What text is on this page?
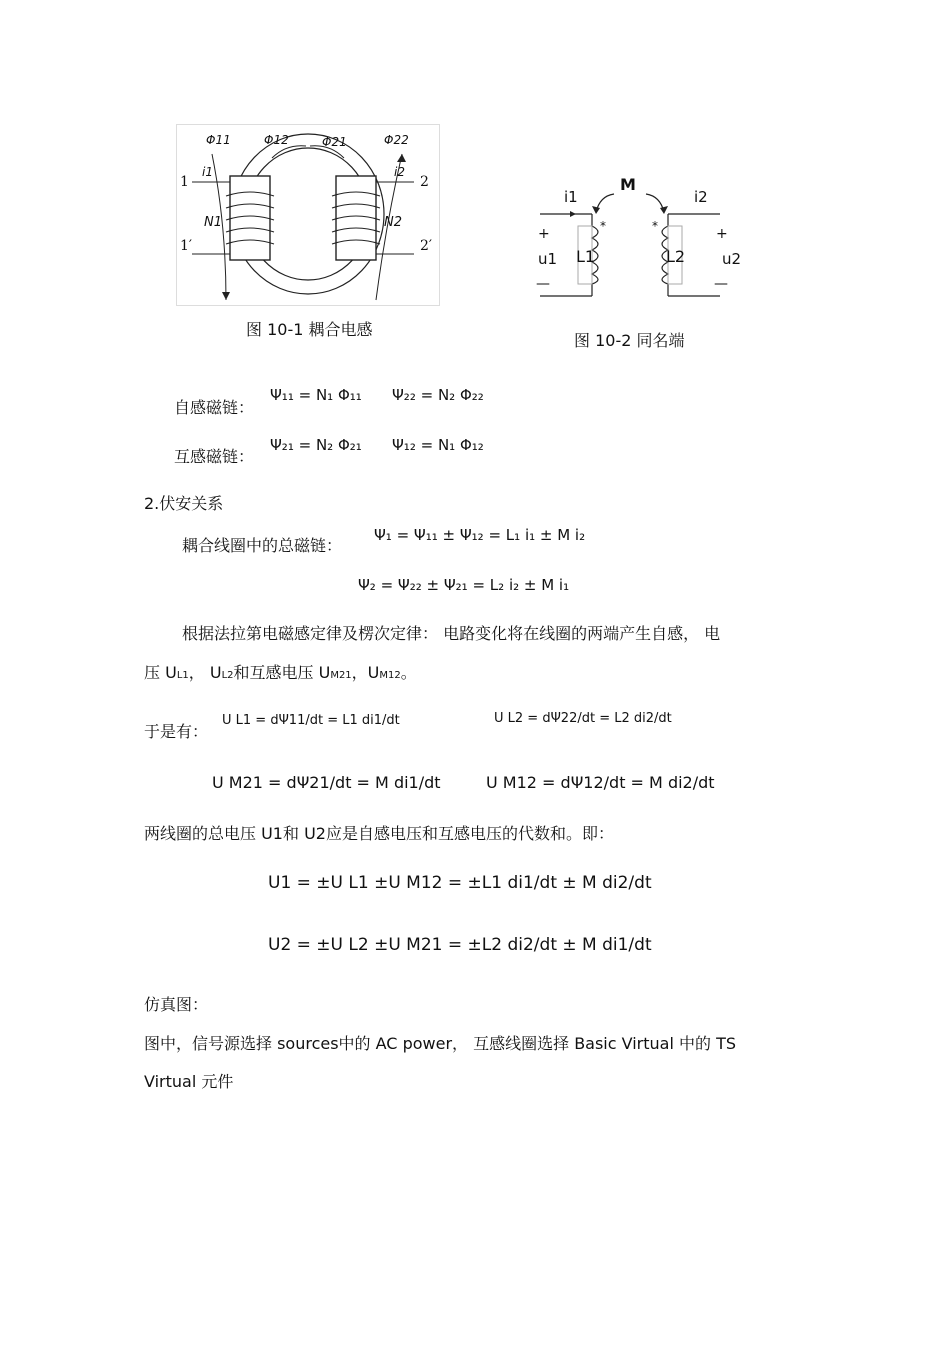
Φ11	Φ12	Φ21	Φ22
i1	i2
N1	N2
1
1′
2
2′
图 10-1 耦合电感
M
i1	i2
+	+
u1	u2
—	—
*	*
L1	L2
图 10-2 同名端
自感磁链：
Ψ₁₁ = N₁ Φ₁₁ Ψ₂₂ = N₂ Φ₂₂
互感磁链：
Ψ₂₁ = N₂ Φ₂₁ Ψ₁₂ = N₁ Φ₁₂
2.伏安关系
耦合线圈中的总磁链：
Ψ₁ = Ψ₁₁ ± Ψ₁₂ = L₁ i₁ ± M i₂
Ψ₂ = Ψ₂₂ ± Ψ₂₁ = L₂ i₂ ± M i₁
根据法拉第电磁感定律及楞次定律： 电路变化将在线圈的两端产生自感， 电
压 UL1， UL2和互感电压 UM21，UM12。
于是有：
U L1 = dΨ11/dt = L1 di1/dt	U L2 = dΨ22/dt = L2 di2/dt
U M21 = dΨ21/dt = M di1/dt	U M12 = dΨ12/dt = M di2/dt
两线圈的总电压 U1和 U2应是自感电压和互感电压的代数和。即：
U1 = ±U L1 ±U M12 = ±L1 di1/dt ± M di2/dt
U2 = ±U L2 ±U M21 = ±L2 di2/dt ± M di1/dt
仿真图：
图中，信号源选择 sources中的 AC power， 互感线圈选择 Basic Virtual 中的 TS
Virtual 元件
